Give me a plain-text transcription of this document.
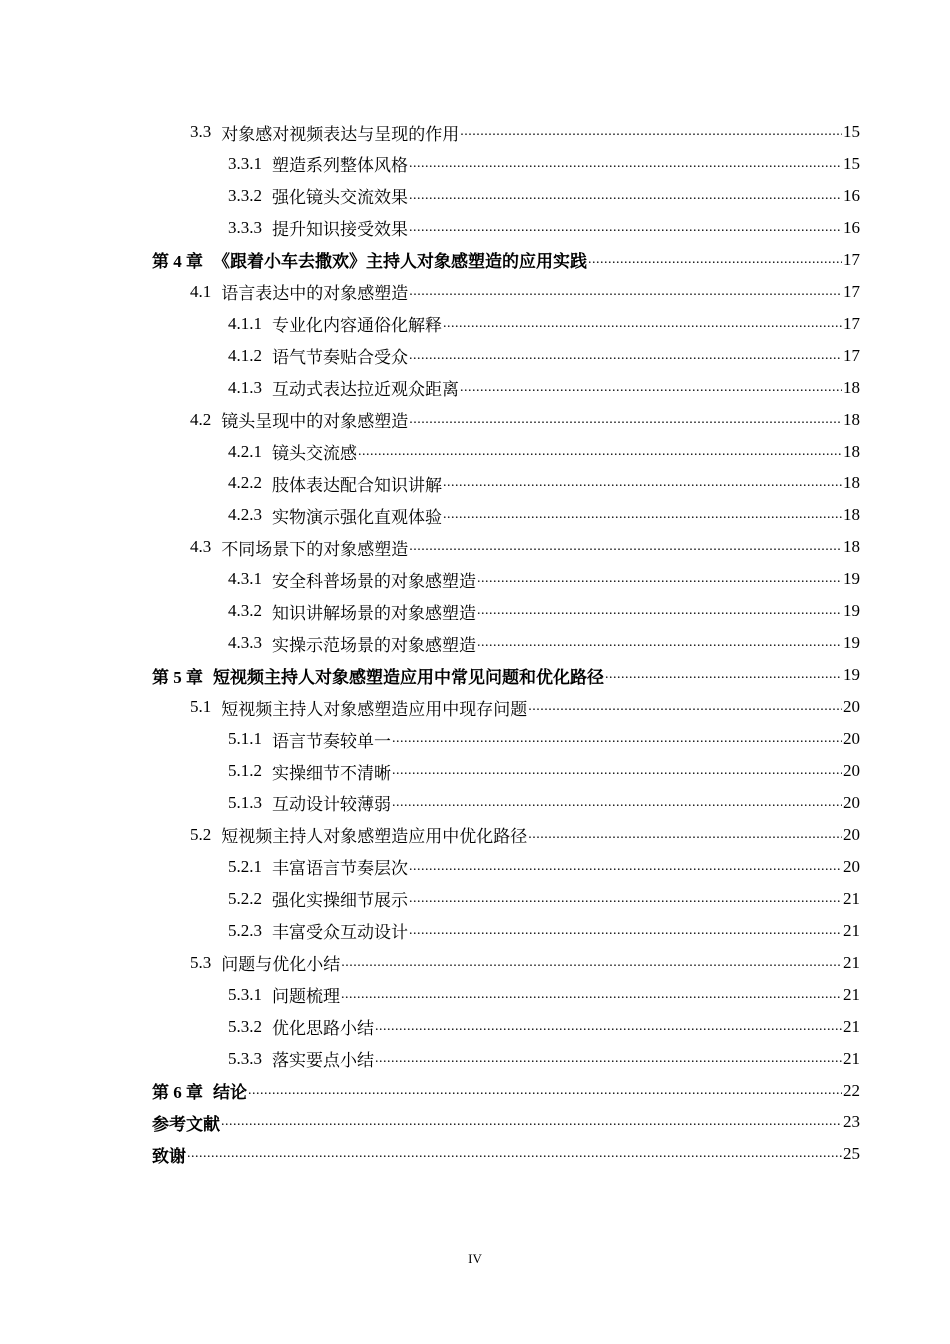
3.3 对象感对视频表达与呈现的作用 .....	15
3.3.1 塑造系列整体风格 .....	15
3.3.2 强化镜头交流效果 .....	16
3.3.3 提升知识接受效果 .....	16
第 4 章 《跟着小车去撒欢》主持人对象感塑造的应用实践 .....	17
4.1 语言表达中的对象感塑造 .....	17
4.1.1 专业化内容通俗化解释 .....	17
4.1.2 语气节奏贴合受众 .....	17
4.1.3 互动式表达拉近观众距离 .....	18
4.2 镜头呈现中的对象感塑造 .....	18
4.2.1 镜头交流感 .....	18
4.2.2 肢体表达配合知识讲解 .....	18
4.2.3 实物演示强化直观体验 .....	18
4.3 不同场景下的对象感塑造 .....	18
4.3.1 安全科普场景的对象感塑造 .....	19
4.3.2 知识讲解场景的对象感塑造 .....	19
4.3.3 实操示范场景的对象感塑造 .....	19
第 5 章 短视频主持人对象感塑造应用中常见问题和优化路径 .....	19
5.1 短视频主持人对象感塑造应用中现存问题 .....	20
5.1.1 语言节奏较单一 .....	20
5.1.2 实操细节不清晰 .....	20
5.1.3 互动设计较薄弱 .....	20
5.2 短视频主持人对象感塑造应用中优化路径 .....	20
5.2.1 丰富语言节奏层次 .....	20
5.2.2 强化实操细节展示 .....	21
5.2.3 丰富受众互动设计 .....	21
5.3 问题与优化小结 .....	21
5.3.1 问题梳理 .....	21
5.3.2 优化思路小结 .....	21
5.3.3 落实要点小结 .....	21
第 6 章 结论 .....	22
参考文献 .....	23
致谢 .....	25
IV
